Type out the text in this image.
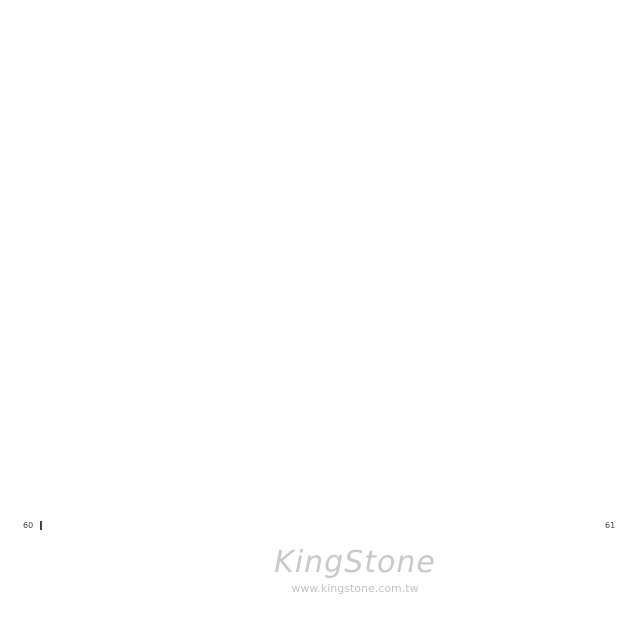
60	61
KingStone
www.kingstone.com.tw
